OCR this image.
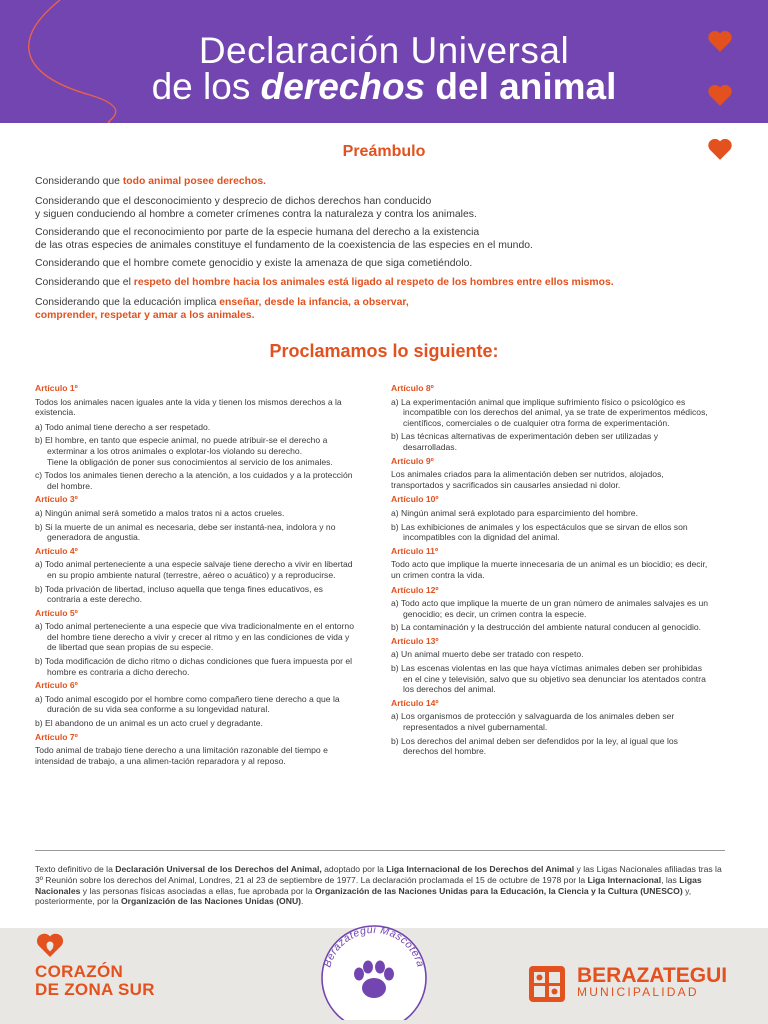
Declaración Universal
de los derechos del animal
Preámbulo
Considerando que todo animal posee derechos.
Considerando que el desconocimiento y desprecio de dichos derechos han conducido
y siguen conduciendo al hombre a cometer crímenes contra la naturaleza y contra los animales.
Considerando que el reconocimiento por parte de la especie humana del derecho a la existencia
de las otras especies de animales constituye el fundamento de la coexistencia de las especies en el mundo.
Considerando que el hombre comete genocidio y existe la amenaza de que siga cometiéndolo.
Considerando que el respeto del hombre hacia los animales está ligado al respeto de los hombres entre ellos mismos.
Considerando que la educación implica enseñar, desde la infancia, a observar,
comprender, respetar y amar a los animales.
Proclamamos lo siguiente:
Artículo 1º
Todos los animales nacen iguales ante la vida y tienen los mismos derechos a la existencia.
a) Todo animal tiene derecho a ser respetado.
b) El hombre, en tanto que especie animal, no puede atribuir-se el derecho a exterminar a los otros animales o explotar-los violando su derecho.
Tiene la obligación de poner sus conocimientos al servicio de los animales.
c) Todos los animales tienen derecho a la atención, a los cuidados y a la protección del hombre.
Artículo 3º
a) Ningún animal será sometido a malos tratos ni a actos crueles.
b) Si la muerte de un animal es necesaria, debe ser instantá-nea, indolora y no generadora de angustia.
Artículo 4º
a) Todo animal perteneciente a una especie salvaje tiene derecho a vivir en libertad en su propio ambiente natural (terrestre, aéreo o acuático) y a reproducirse.
b) Toda privación de libertad, incluso aquella que tenga fines educativos, es contraria a este derecho.
Artículo 5º
a) Todo animal perteneciente a una especie que viva tradicionalmente en el entorno del hombre tiene derecho a vivir y crecer al ritmo y en las condiciones de vida y de libertad que sean propias de su especie.
b) Toda modificación de dicho ritmo o dichas condiciones que fuera impuesta por el hombre es contraria a dicho derecho.
Artículo 6º
a) Todo animal escogido por el hombre como compañero tiene derecho a que la duración de su vida sea conforme a su longevidad natural.
b) El abandono de un animal es un acto cruel y degradante.
Artículo 7º
Todo animal de trabajo tiene derecho a una limitación razonable del tiempo e intensidad de trabajo, a una alimen-tación reparadora y al reposo.
Artículo 8º
a) La experimentación animal que implique sufrimiento físico o psicológico es incompatible con los derechos del animal, ya se trate de experimentos médicos, científicos, comerciales o de cualquier otra forma de experimentación.
b) Las técnicas alternativas de experimentación deben ser utilizadas y desarrolladas.
Artículo 9º
Los animales criados para la alimentación deben ser nutridos, alojados, transportados y sacrificados sin causarles ansiedad ni dolor.
Artículo 10º
a) Ningún animal será explotado para esparcimiento del hombre.
b) Las exhibiciones de animales y los espectáculos que se sirvan de ellos son incompatibles con la dignidad del animal.
Artículo 11º
Todo acto que implique la muerte innecesaria de un animal es un biocidio; es decir, un crimen contra la vida.
Artículo 12º
a) Todo acto que implique la muerte de un gran número de animales salvajes es un genocidio; es decir, un crimen contra la especie.
b) La contaminación y la destrucción del ambiente natural conducen al genocidio.
Artículo 13º
a) Un animal muerto debe ser tratado con respeto.
b) Las escenas violentas en las que haya víctimas animales deben ser prohibidas en el cine y televisión, salvo que su objetivo sea denunciar los atentados contra los derechos del animal.
Artículo 14º
a) Los organismos de protección y salvaguarda de los animales deben ser representados a nivel gubernamental.
b) Los derechos del animal deben ser defendidos por la ley, al igual que los derechos del hombre.
Texto definitivo de la Declaración Universal de los Derechos del Animal, adoptado por la Liga Internacional de los Derechos del Animal y las Ligas Nacionales afiliadas tras la 3º Reunión sobre los derechos del Animal, Londres, 21 al 23 de septiembre de 1977. La declaración proclamada el 15 de octubre de 1978 por la Liga Internacional, las Ligas Nacionales y las personas físicas asociadas a ellas, fue aprobada por la Organización de las Naciones Unidas para la Educación, la Ciencia y la Cultura (UNESCO) y, posteriormente, por la Organización de las Naciones Unidas (ONU).
CORAZÓN
DE ZONA SUR
Berazategui Mascotera
BERAZATEGUI
MUNICIPALIDAD
